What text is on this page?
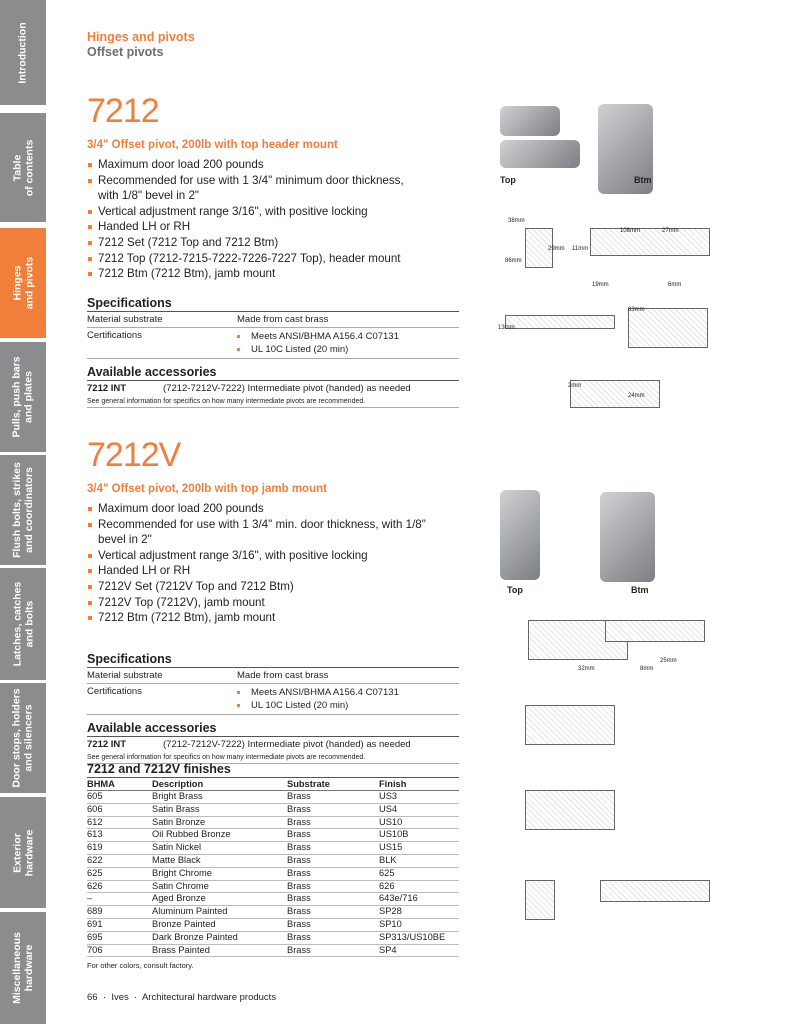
Introduction
Table
of contents
Hinges
and pivots
Pulls, push bars
and plates
Flush bolts, strikes
and coordinators
Latches, catches
and bolts
Door stops, holders
and silencers
Exterior
hardware
Miscellaneous
hardware
Hinges and pivots
Offset pivots
7212
3/4" Offset pivot, 200lb with top header mount
Maximum door load 200 pounds
Recommended for use with 1 3/4" minimum door thickness, with 1/8" bevel in 2"
Vertical adjustment range 3/16", with positive locking
Handed LH or RH
7212 Set (7212 Top and 7212 Btm)
7212 Top (7212-7215-7222-7226-7227 Top), header mount
7212 Btm (7212 Btm), jamb mount
Specifications
Material substrate	Made from cast brass
Certifications	Meets ANSI/BHMA A156.4 C07131
UL 10C Listed (20 min)
Available accessories
7212 INT	(7212-7212V-7222) Intermediate pivot (handed) as needed
See general information for specifics on how many intermediate pivots are recommended.
7212V
3/4" Offset pivot, 200lb with top jamb mount
Maximum door load 200 pounds
Recommended for use with 1 3/4" min. door thickness, with 1/8" bevel in 2"
Vertical adjustment range 3/16", with positive locking
Handed LH or RH
7212V Set (7212V Top and 7212 Btm)
7212V Top (7212V), jamb mount
7212 Btm (7212 Btm), jamb mount
Specifications
Material substrate	Made from cast brass
Certifications	Meets ANSI/BHMA A156.4 C07131
UL 10C Listed (20 min)
Available accessories
7212 INT	(7212-7212V-7222) Intermediate pivot (handed) as needed
See general information for specifics on how many intermediate pivots are recommended.
7212 and 7212V finishes
BHMA	Description	Substrate	Finish
605	Bright Brass	Brass	US3
606	Satin Brass	Brass	US4
612	Satin Bronze	Brass	US10
613	Oil Rubbed Bronze	Brass	US10B
619	Satin Nickel	Brass	US15
622	Matte Black	Brass	BLK
625	Bright Chrome	Brass	625
626	Satin Chrome	Brass	626
–	Aged Bronze	Brass	643e/716
689	Aluminum Painted	Brass	SP28
691	Bronze Painted	Brass	SP10
695	Dark Bronze Painted	Brass	SP313/US10BE
706	Brass Painted	Brass	SP4
For other colors, consult factory.
66  ·  Ives  ·  Architectural hardware products
Top	Btm
Top	Btm
38mm
86mm
29mm 11mm
108mm	27mm
19mm	6mm
13mm
83mm
2mm
24mm
32mm
25mm
8mm
